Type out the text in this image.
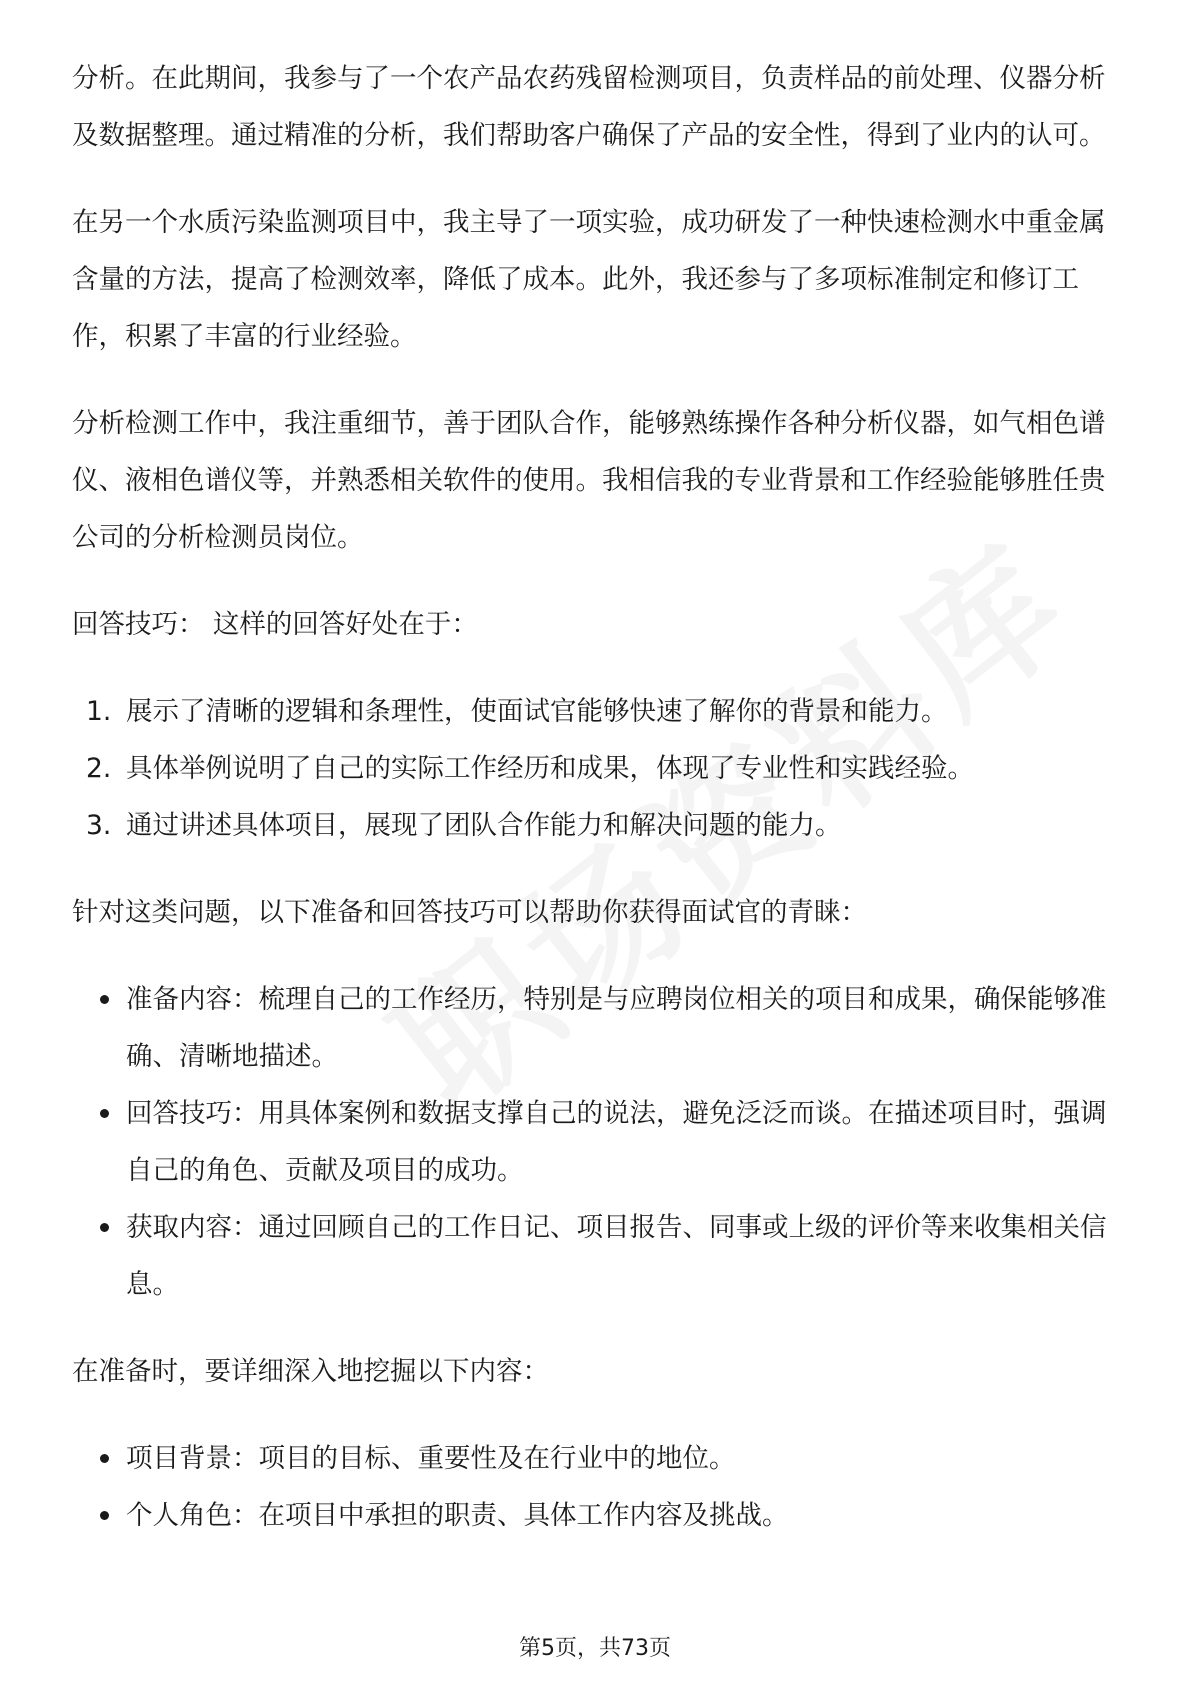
分析。在此期间，我参与了一个农产品农药残留检测项目，负责样品的前处理、仪器分析及数据整理。通过精准的分析，我们帮助客户确保了产品的安全性，得到了业内的认可。

在另一个水质污染监测项目中，我主导了一项实验，成功研发了一种快速检测水中重金属含量的方法，提高了检测效率，降低了成本。此外，我还参与了多项标准制定和修订工作，积累了丰富的行业经验。

分析检测工作中，我注重细节，善于团队合作，能够熟练操作各种分析仪器，如气相色谱仪、液相色谱仪等，并熟悉相关软件的使用。我相信我的专业背景和工作经验能够胜任贵公司的分析检测员岗位。

回答技巧： 这样的回答好处在于：

1. 展示了清晰的逻辑和条理性，使面试官能够快速了解你的背景和能力。
2. 具体举例说明了自己的实际工作经历和成果，体现了专业性和实践经验。
3. 通过讲述具体项目，展现了团队合作能力和解决问题的能力。

针对这类问题，以下准备和回答技巧可以帮助你获得面试官的青睐：

准备内容：梳理自己的工作经历，特别是与应聘岗位相关的项目和成果，确保能够准确、清晰地描述。
回答技巧：用具体案例和数据支撑自己的说法，避免泛泛而谈。在描述项目时，强调自己的角色、贡献及项目的成功。
获取内容：通过回顾自己的工作日记、项目报告、同事或上级的评价等来收集相关信息。

在准备时，要详细深入地挖掘以下内容：

项目背景：项目的目标、重要性及在行业中的地位。
个人角色：在项目中承担的职责、具体工作内容及挑战。
第5页，共73页
